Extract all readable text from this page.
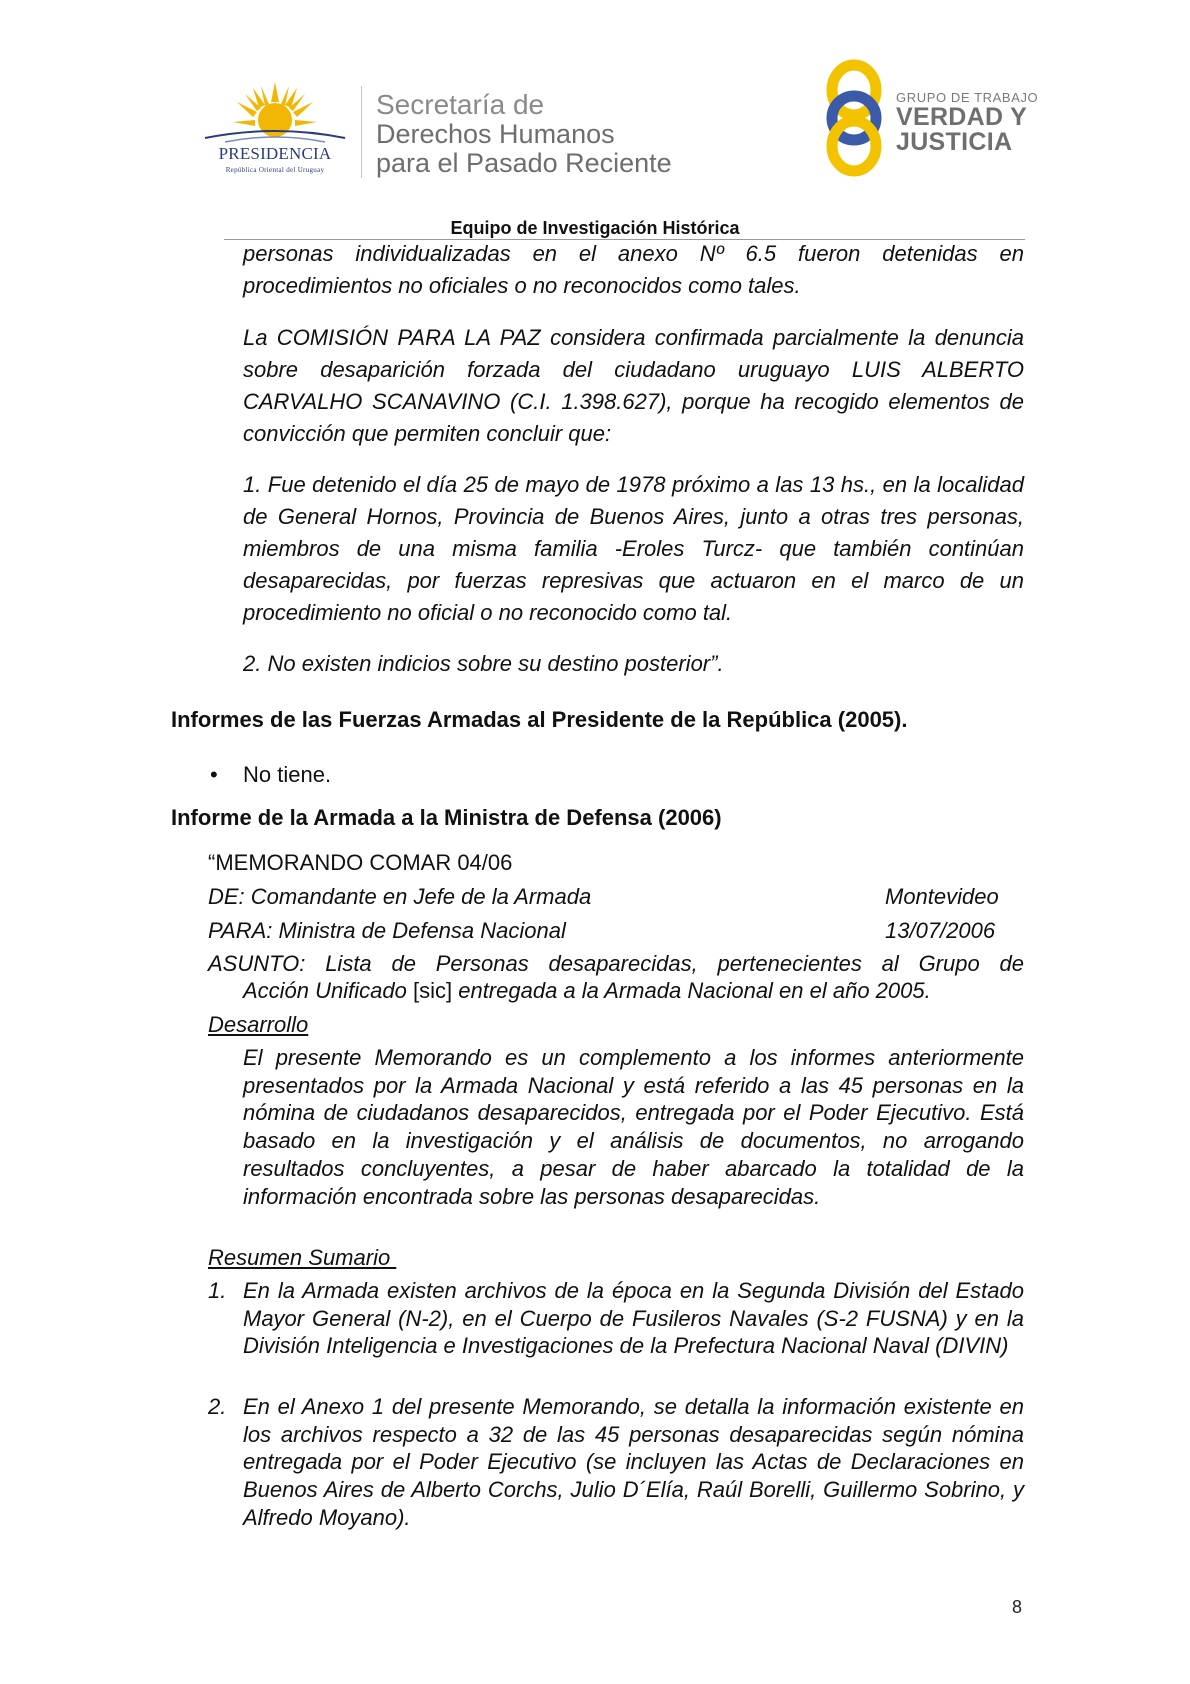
PRESIDENCIA
República Oriental del Uruguay
Secretaría de
Derechos Humanos
para el Pasado Reciente
GRUPO DE TRABAJO
VERDAD Y
JUSTICIA
Equipo de Investigación Histórica
personas individualizadas en el anexo Nº 6.5 fueron detenidas en procedimientos no oficiales o no reconocidos como tales.
La COMISIÓN PARA LA PAZ considera confirmada parcialmente la denuncia sobre desaparición forzada del ciudadano uruguayo LUIS ALBERTO CARVALHO SCANAVINO (C.I. 1.398.627), porque ha recogido elementos de convicción que permiten concluir que:
1. Fue detenido el día 25 de mayo de 1978 próximo a las 13 hs., en la localidad de General Hornos, Provincia de Buenos Aires, junto a otras tres personas, miembros de una misma familia -Eroles Turcz- que también continúan desaparecidas, por fuerzas represivas que actuaron en el marco de un procedimiento no oficial o no reconocido como tal.
2. No existen indicios sobre su destino posterior”.
Informes de las Fuerzas Armadas al Presidente de la República (2005).
• No tiene.
Informe de la Armada a la Ministra de Defensa (2006)
“MEMORANDO COMAR 04/06
DE: Comandante en Jefe de la Armada	Montevideo
PARA: Ministra de Defensa Nacional	13/07/2006
ASUNTO: Lista de Personas desaparecidas, pertenecientes al Grupo de
Acción Unificado [sic] entregada a la Armada Nacional en el año 2005.
Desarrollo
El presente Memorando es un complemento a los informes anteriormente presentados por la Armada Nacional y está referido a las 45 personas en la nómina de ciudadanos desaparecidos, entregada por el Poder Ejecutivo. Está basado en la investigación y el análisis de documentos, no arrogando resultados concluyentes, a pesar de haber abarcado la totalidad de la información encontrada sobre las personas desaparecidas.
Resumen Sumario
1. En la Armada existen archivos de la época en la Segunda División del Estado Mayor General (N-2), en el Cuerpo de Fusileros Navales (S-2 FUSNA) y en la División Inteligencia e Investigaciones de la Prefectura Nacional Naval (DIVIN)
2. En el Anexo 1 del presente Memorando, se detalla la información existente en los archivos respecto a 32 de las 45 personas desaparecidas según nómina entregada por el Poder Ejecutivo (se incluyen las Actas de Declaraciones en Buenos Aires de Alberto Corchs, Julio D´Elía, Raúl Borelli, Guillermo Sobrino, y Alfredo Moyano).
8
